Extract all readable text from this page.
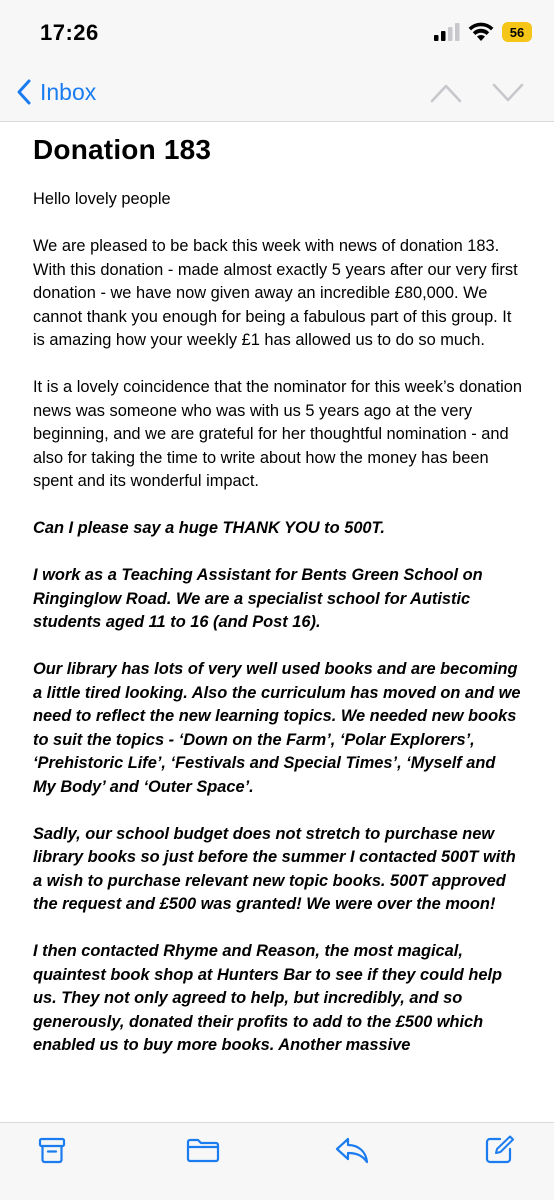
17:26	56
Inbox
Donation 183

Hello lovely people

We are pleased to be back this week with news of donation 183. With this donation - made almost exactly 5 years after our very first donation - we have now given away an incredible £80,000. We cannot thank you enough for being a fabulous part of this group. It is amazing how your weekly £1 has allowed us to do so much.

It is a lovely coincidence that the nominator for this week’s donation news was someone who was with us 5 years ago at the very beginning, and we are grateful for her thoughtful nomination - and also for taking the time to write about how the money has been spent and its wonderful impact.

Can I please say a huge THANK YOU to 500T.

I work as a Teaching Assistant for Bents Green School on Ringinglow Road. We are a specialist school for Autistic students aged 11 to 16 (and Post 16).

Our library has lots of very well used books and are becoming a little tired looking. Also the curriculum has moved on and we need to reflect the new learning topics. We needed new books to suit the topics - ‘Down on the Farm’, ‘Polar Explorers’, ‘Prehistoric Life’, ‘Festivals and Special Times’, ‘Myself and My Body’ and ‘Outer Space’.

Sadly, our school budget does not stretch to purchase new library books so just before the summer I contacted 500T with a wish to purchase relevant new topic books. 500T approved the request and £500 was granted! We were over the moon!

I then contacted Rhyme and Reason, the most magical, quaintest book shop at Hunters Bar to see if they could help us. They not only agreed to help, but incredibly, and so generously, donated their profits to add to the £500 which enabled us to buy more books. Another massive
